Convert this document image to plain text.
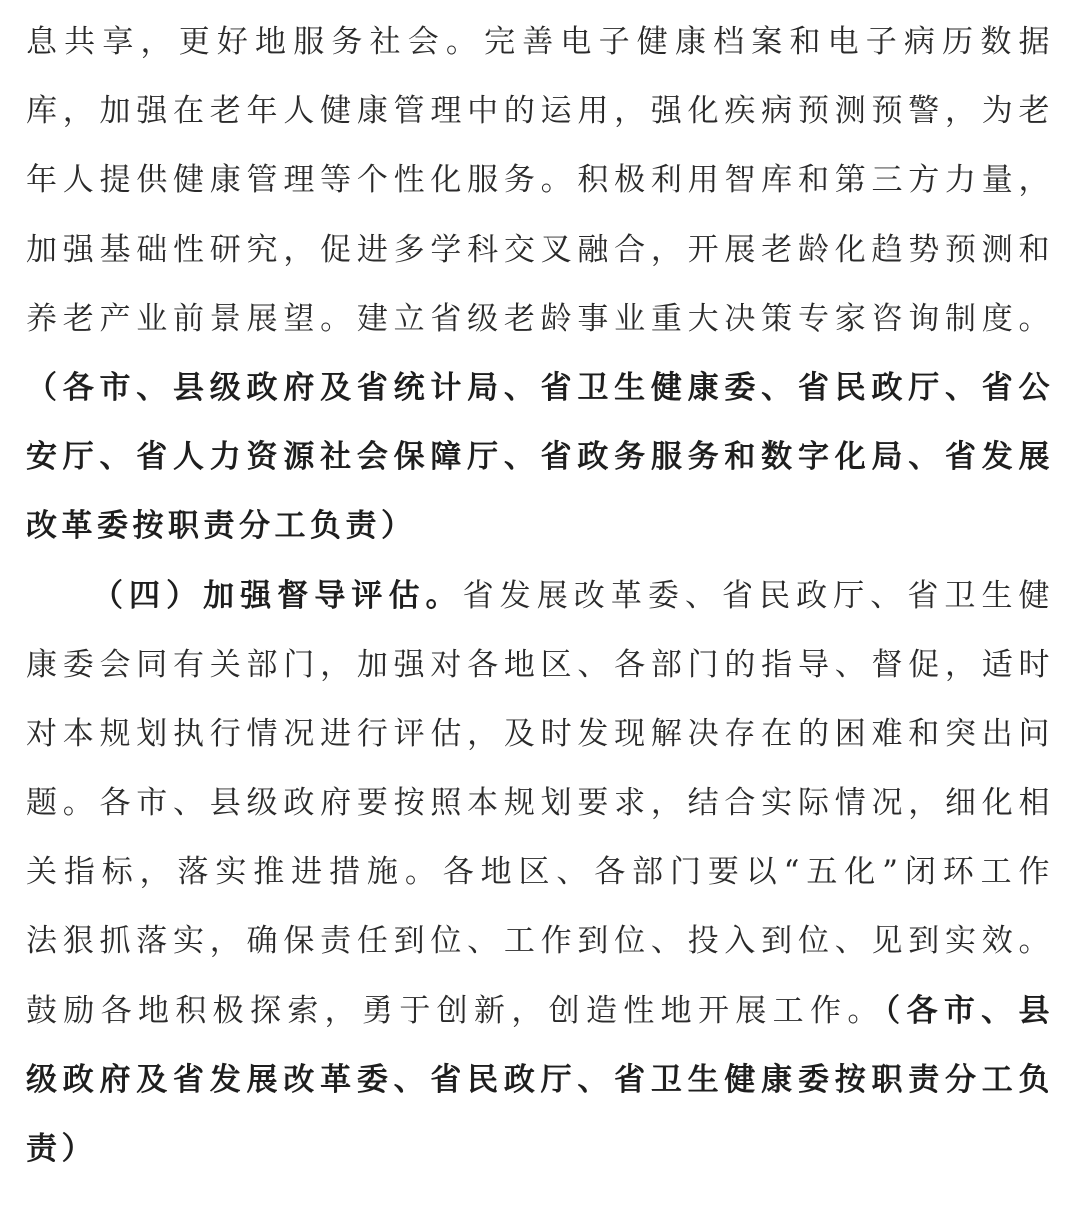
息共享，更好地服务社会。完善电子健康档案和电子病历数据
库，加强在老年人健康管理中的运用，强化疾病预测预警，为老
年人提供健康管理等个性化服务。积极利用智库和第三方力量，
加强基础性研究，促进多学科交叉融合，开展老龄化趋势预测和
养老产业前景展望。建立省级老龄事业重大决策专家咨询制度。
（各市、县级政府及省统计局、省卫生健康委、省民政厅、省公
安厅、省人力资源社会保障厅、省政务服务和数字化局、省发展
改革委按职责分工负责）
（四）加强督导评估。省发展改革委、省民政厅、省卫生健
康委会同有关部门，加强对各地区、各部门的指导、督促，适时
对本规划执行情况进行评估，及时发现解决存在的困难和突出问
题。各市、县级政府要按照本规划要求，结合实际情况，细化相
关指标，落实推进措施。各地区、各部门要以“五化”闭环工作
法狠抓落实，确保责任到位、工作到位、投入到位、见到实效。
鼓励各地积极探索，勇于创新，创造性地开展工作。（各市、县
级政府及省发展改革委、省民政厅、省卫生健康委按职责分工负
责）
